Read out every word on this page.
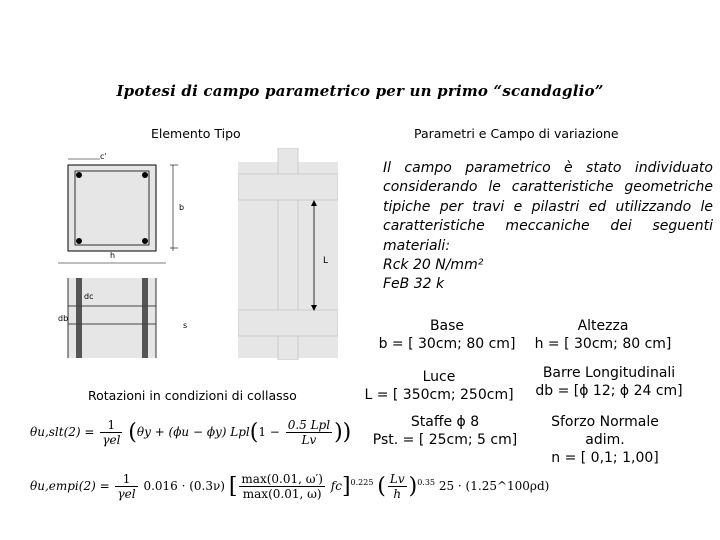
Ipotesi di campo parametrico per un primo “scandaglio”
Elemento Tipo	Parametri e Campo di variazione
c'
h
b
L
dc
db
s
Il campo parametrico è stato individuato
considerando le caratteristiche geometriche
tipiche per travi e pilastri ed utilizzando le
caratteristiche meccaniche dei seguenti
materiali:
Rck 20 N/mm²
FeB 32 k
Base
b = [ 30cm; 80 cm]
Altezza
h = [ 30cm; 80 cm]
Luce
L = [ 350cm; 250cm]
Barre Longitudinali
db = [ϕ 12; ϕ 24 cm]
Staffe ϕ 8
Pst. = [ 25cm; 5 cm]
Sforzo Normale adim.
n = [ 0,1; 1,00]
Rotazioni in condizioni di collasso
$\theta u,slt(2) = \frac{1}{\text{γel}} (\theta y + (\phi u - \phi y) Lpl(1 - \frac{\text{0.5 Lpl}}{Lv}$ ))
θu,empi(2) = $\frac{1}{\text{γel}} 0.016 \cdot (0.3\nu)$ [ $\frac{\max(0.01, \omega')}{\max(0.01, \omega)} fc]^{0.225}$ ( $\frac{Lv}{h} )^{0.35}$ 25 · (1.25^100ρd)
